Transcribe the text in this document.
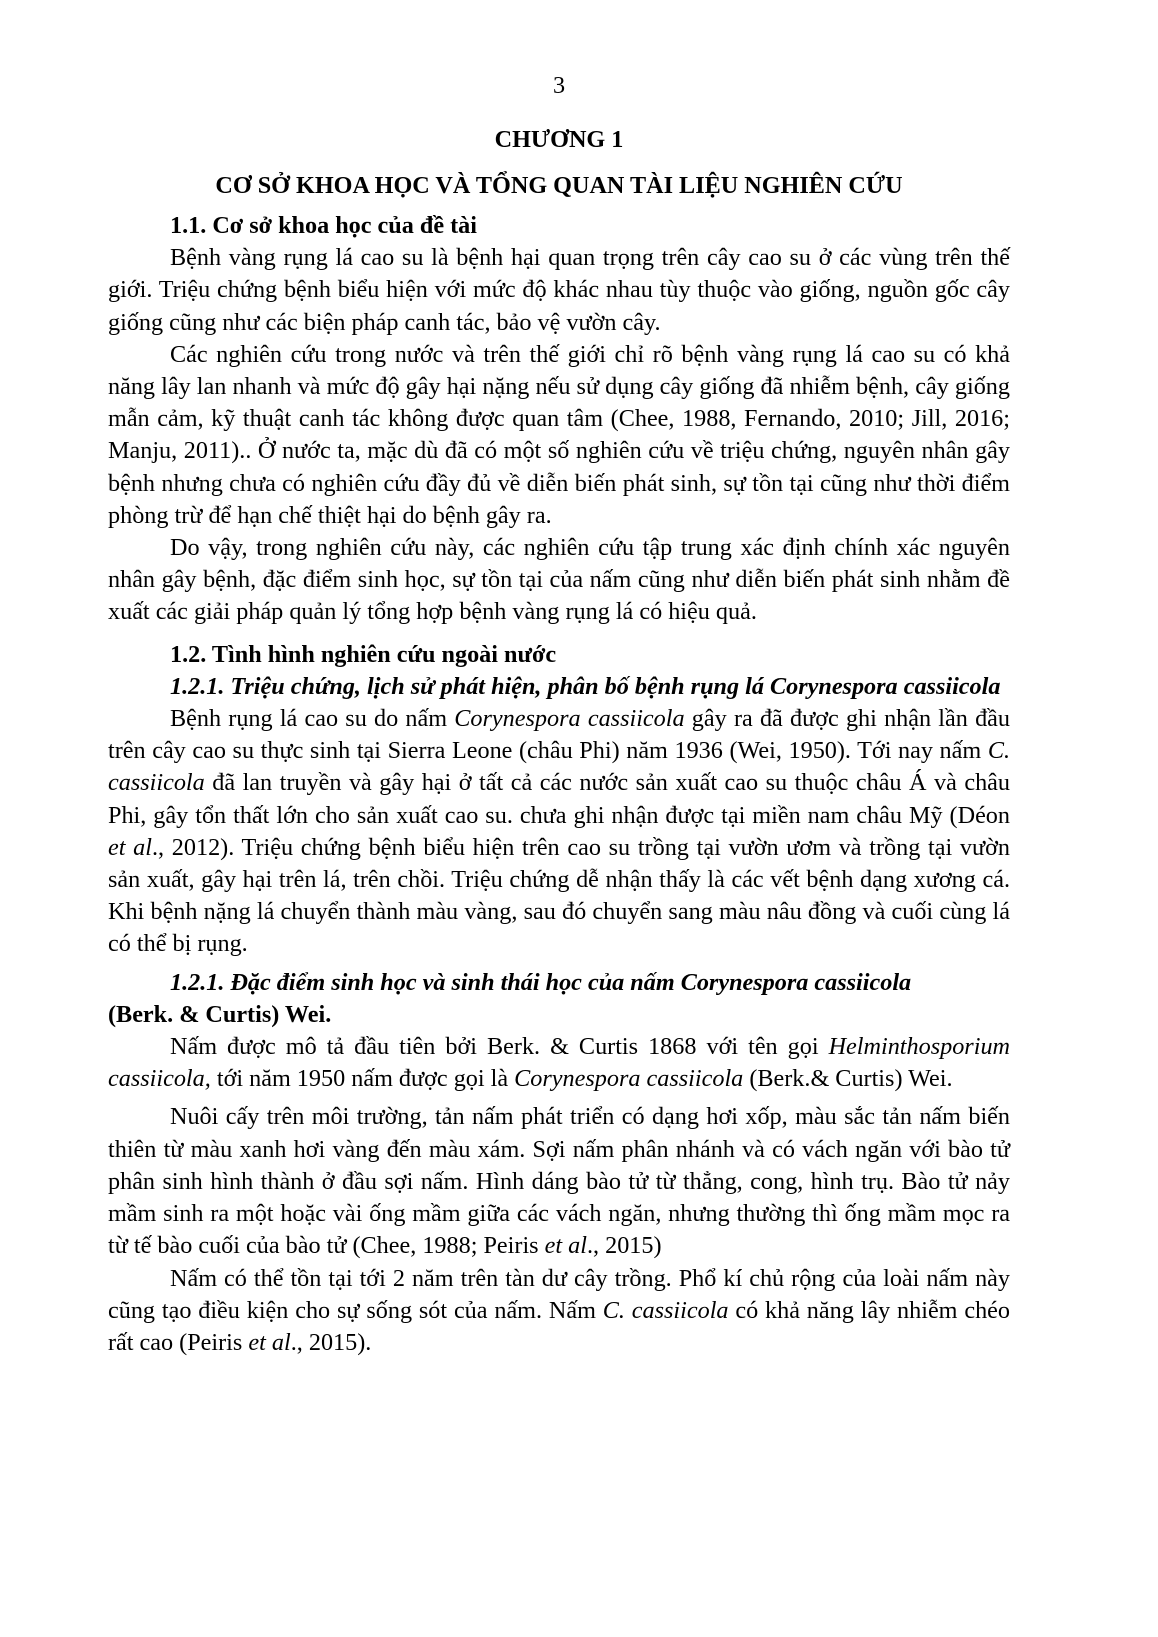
3
CHƯƠNG 1
CƠ SỞ KHOA HỌC VÀ TỔNG QUAN TÀI LIỆU NGHIÊN CỨU

1.1. Cơ sở khoa học của đề tài

Bệnh vàng rụng lá cao su là bệnh hại quan trọng trên cây cao su ở các vùng trên thế giới. Triệu chứng bệnh biểu hiện với mức độ khác nhau tùy thuộc vào giống, nguồn gốc cây giống cũng như các biện pháp canh tác, bảo vệ vườn cây.

Các nghiên cứu trong nước và trên thế giới chỉ rõ bệnh vàng rụng lá cao su có khả năng lây lan nhanh và mức độ gây hại nặng nếu sử dụng cây giống đã nhiễm bệnh, cây giống mẫn cảm, kỹ thuật canh tác không được quan tâm (Chee, 1988, Fernando, 2010; Jill, 2016; Manju, 2011).. Ở nước ta, mặc dù đã có một số nghiên cứu về triệu chứng, nguyên nhân gây bệnh nhưng chưa có nghiên cứu đầy đủ về diễn biến phát sinh, sự tồn tại cũng như thời điểm phòng trừ để hạn chế thiệt hại do bệnh gây ra.

Do vậy, trong nghiên cứu này, các nghiên cứu tập trung xác định chính xác nguyên nhân gây bệnh, đặc điểm sinh học, sự tồn tại của nấm cũng như diễn biến phát sinh nhằm đề xuất các giải pháp quản lý tổng hợp bệnh vàng rụng lá có hiệu quả.

1.2. Tình hình nghiên cứu ngoài nước

1.2.1. Triệu chứng, lịch sử phát hiện, phân bố bệnh rụng lá Corynespora cassiicola

Bệnh rụng lá cao su do nấm Corynespora cassiicola gây ra đã được ghi nhận lần đầu trên cây cao su thực sinh tại Sierra Leone (châu Phi) năm 1936 (Wei, 1950). Tới nay nấm C. cassiicola đã lan truyền và gây hại ở tất cả các nước sản xuất cao su thuộc châu Á và châu Phi, gây tổn thất lớn cho sản xuất cao su. chưa ghi nhận được tại miền nam châu Mỹ (Déon et al., 2012). Triệu chứng bệnh biểu hiện trên cao su trồng tại vườn ươm và trồng tại vườn sản xuất, gây hại trên lá, trên chồi. Triệu chứng dễ nhận thấy là các vết bệnh dạng xương cá. Khi bệnh nặng lá chuyển thành màu vàng, sau đó chuyển sang màu nâu đồng và cuối cùng lá có thể bị rụng.

1.2.1. Đặc điểm sinh học và sinh thái học của nấm Corynespora cassiicola

(Berk. & Curtis) Wei.

Nấm được mô tả đầu tiên bởi Berk. & Curtis 1868 với tên gọi Helminthosporium cassiicola, tới năm 1950 nấm được gọi là Corynespora cassiicola (Berk.& Curtis) Wei.

Nuôi cấy trên môi trường, tản nấm phát triển có dạng hơi xốp, màu sắc tản nấm biến thiên từ màu xanh hơi vàng đến màu xám. Sợi nấm phân nhánh và có vách ngăn với bào tử phân sinh hình thành ở đầu sợi nấm. Hình dáng bào tử từ thẳng, cong, hình trụ. Bào tử nảy mầm sinh ra một hoặc vài ống mầm giữa các vách ngăn, nhưng thường thì ống mầm mọc ra từ tế bào cuối của bào tử (Chee, 1988; Peiris et al., 2015)

Nấm có thể tồn tại tới 2 năm trên tàn dư cây trồng. Phổ kí chủ rộng của loài nấm này cũng tạo điều kiện cho sự sống sót của nấm. Nấm C. cassiicola có khả năng lây nhiễm chéo rất cao (Peiris et al., 2015).
